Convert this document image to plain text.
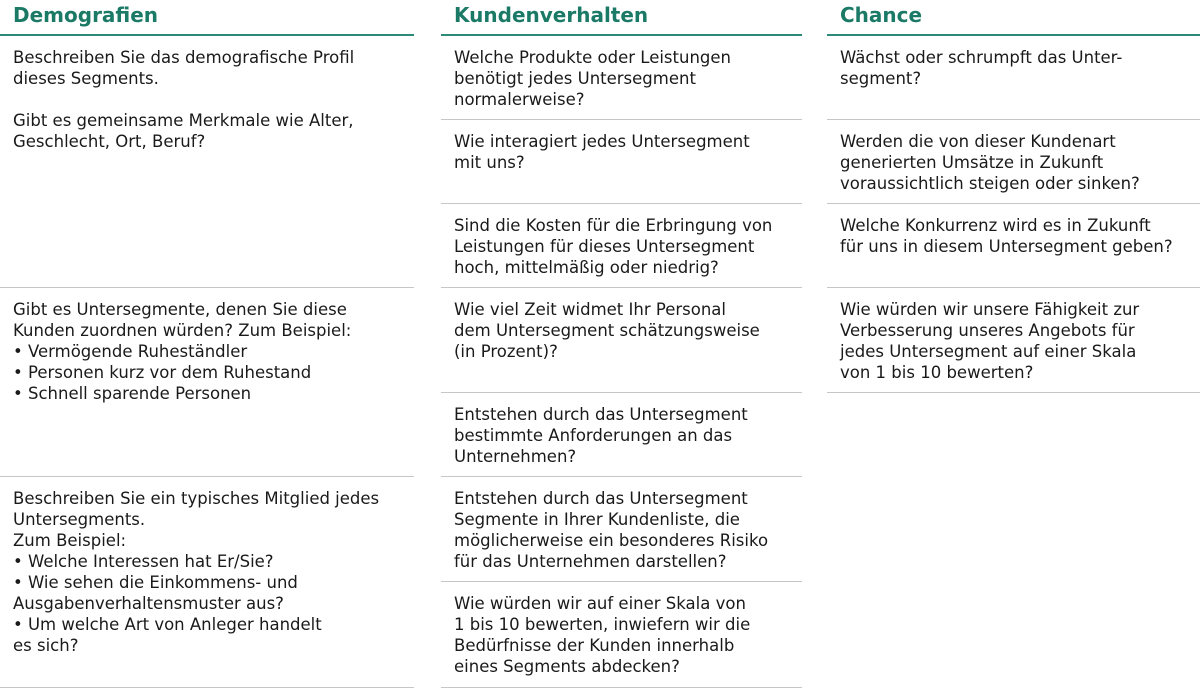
Demografien
Beschreiben Sie das demografische Profil
dieses Segments.

Gibt es gemeinsame Merkmale wie Alter,
Geschlecht, Ort, Beruf?
Gibt es Untersegmente, denen Sie diese
Kunden zuordnen würden? Zum Beispiel:
• Vermögende Ruheständler
• Personen kurz vor dem Ruhestand
• Schnell sparende Personen
Beschreiben Sie ein typisches Mitglied jedes
Untersegments.
Zum Beispiel:
• Welche Interessen hat Er/Sie?
• Wie sehen die Einkommens- und
Ausgabenverhaltensmuster aus?
• Um welche Art von Anleger handelt
es sich?
Kundenverhalten
Welche Produkte oder Leistungen
benötigt jedes Untersegment
normalerweise?
Wie interagiert jedes Untersegment
mit uns?
Sind die Kosten für die Erbringung von
Leistungen für dieses Untersegment
hoch, mittelmäßig oder niedrig?
Wie viel Zeit widmet Ihr Personal
dem Untersegment schätzungsweise
(in Prozent)?
Entstehen durch das Untersegment
bestimmte Anforderungen an das
Unternehmen?
Entstehen durch das Untersegment
Segmente in Ihrer Kundenliste, die
möglicherweise ein besonderes Risiko
für das Unternehmen darstellen?
Wie würden wir auf einer Skala von
1 bis 10 bewerten, inwiefern wir die
Bedürfnisse der Kunden innerhalb
eines Segments abdecken?
Chance
Wächst oder schrumpft das Unter-
segment?
Werden die von dieser Kundenart
generierten Umsätze in Zukunft
voraussichtlich steigen oder sinken?
Welche Konkurrenz wird es in Zukunft
für uns in diesem Untersegment geben?
Wie würden wir unsere Fähigkeit zur
Verbesserung unseres Angebots für
jedes Untersegment auf einer Skala
von 1 bis 10 bewerten?
